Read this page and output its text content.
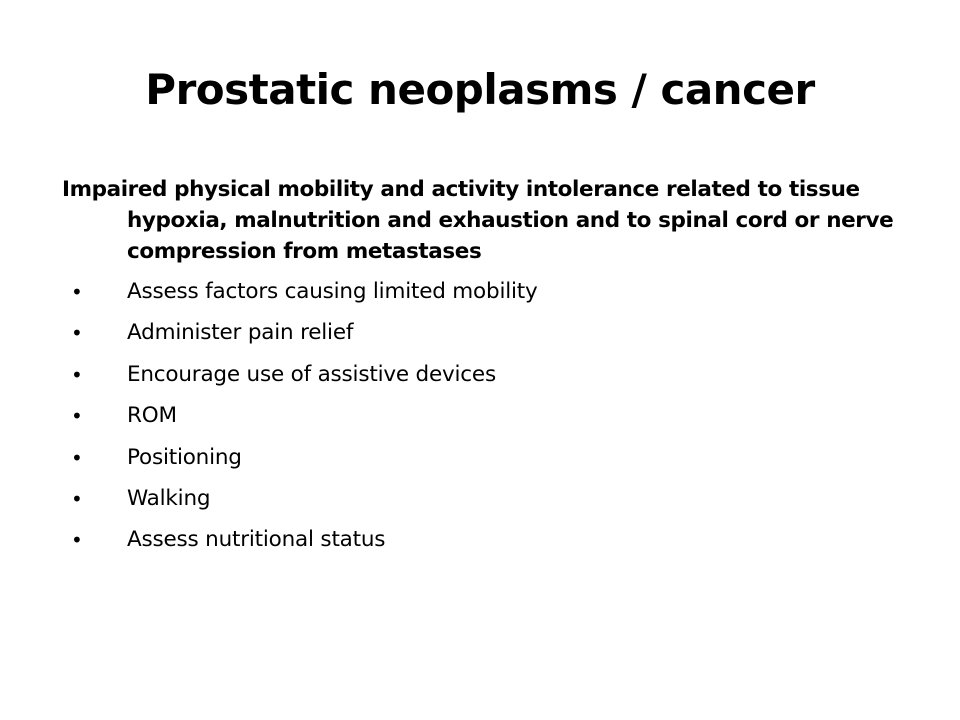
Prostatic neoplasms / cancer

Impaired physical mobility and activity intolerance related to tissue hypoxia, malnutrition and exhaustion and to spinal cord or nerve compression from metastases

• Assess factors causing limited mobility
• Administer pain relief
• Encourage use of assistive devices
• ROM
• Positioning
• Walking
• Assess nutritional status
